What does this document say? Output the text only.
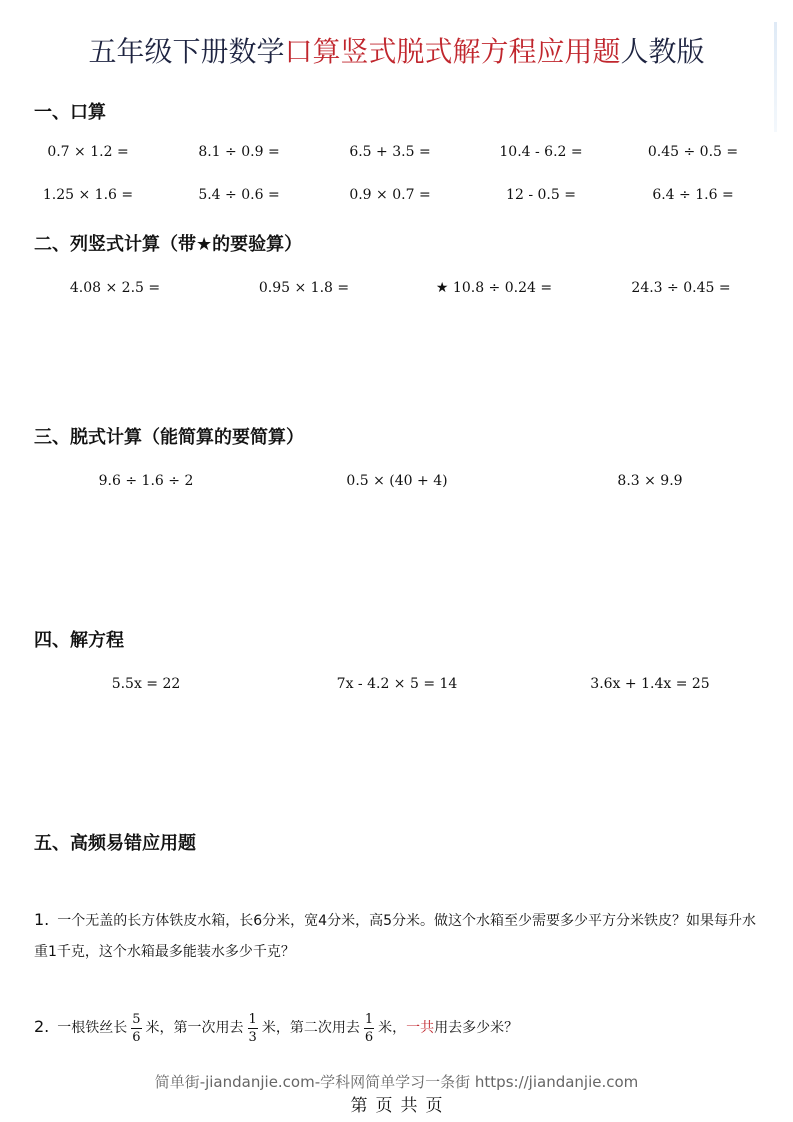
五年级下册数学口算竖式脱式解方程应用题人教版
一、口算
0.7 × 1.2 =	8.1 ÷ 0.9 =	6.5 + 3.5 =	10.4 - 6.2 =	0.45 ÷ 0.5 =
1.25 × 1.6 =	5.4 ÷ 0.6 =	0.9 × 0.7 =	12 - 0.5 =	6.4 ÷ 1.6 =
二、列竖式计算（带★的要验算）
4.08 × 2.5 =	0.95 × 1.8 =	★ 10.8 ÷ 0.24 =	24.3 ÷ 0.45 =
三、脱式计算（能简算的要简算）
9.6 ÷ 1.6 ÷ 2	0.5 × (40 + 4)	8.3 × 9.9
四、解方程
5.5x = 22	7x - 4.2 × 5 = 14	3.6x + 1.4x = 25
五、高频易错应用题
1. 一个无盖的长方体铁皮水箱，长6分米，宽4分米，高5分米。做这个水箱至少需要多少平方分米铁皮？如果每升水重1千克，这个水箱最多能装水多少千克？
2. 一根铁丝长 $\frac{5}{6}$ 米，第一次用去 $\frac{1}{3}$ 米，第二次用去 $\frac{1}{6}$ 米，一共用去多少米？
简单街-jiandanjie.com-学科网简单学习一条街 https://jiandanjie.com
第 页 共 页
